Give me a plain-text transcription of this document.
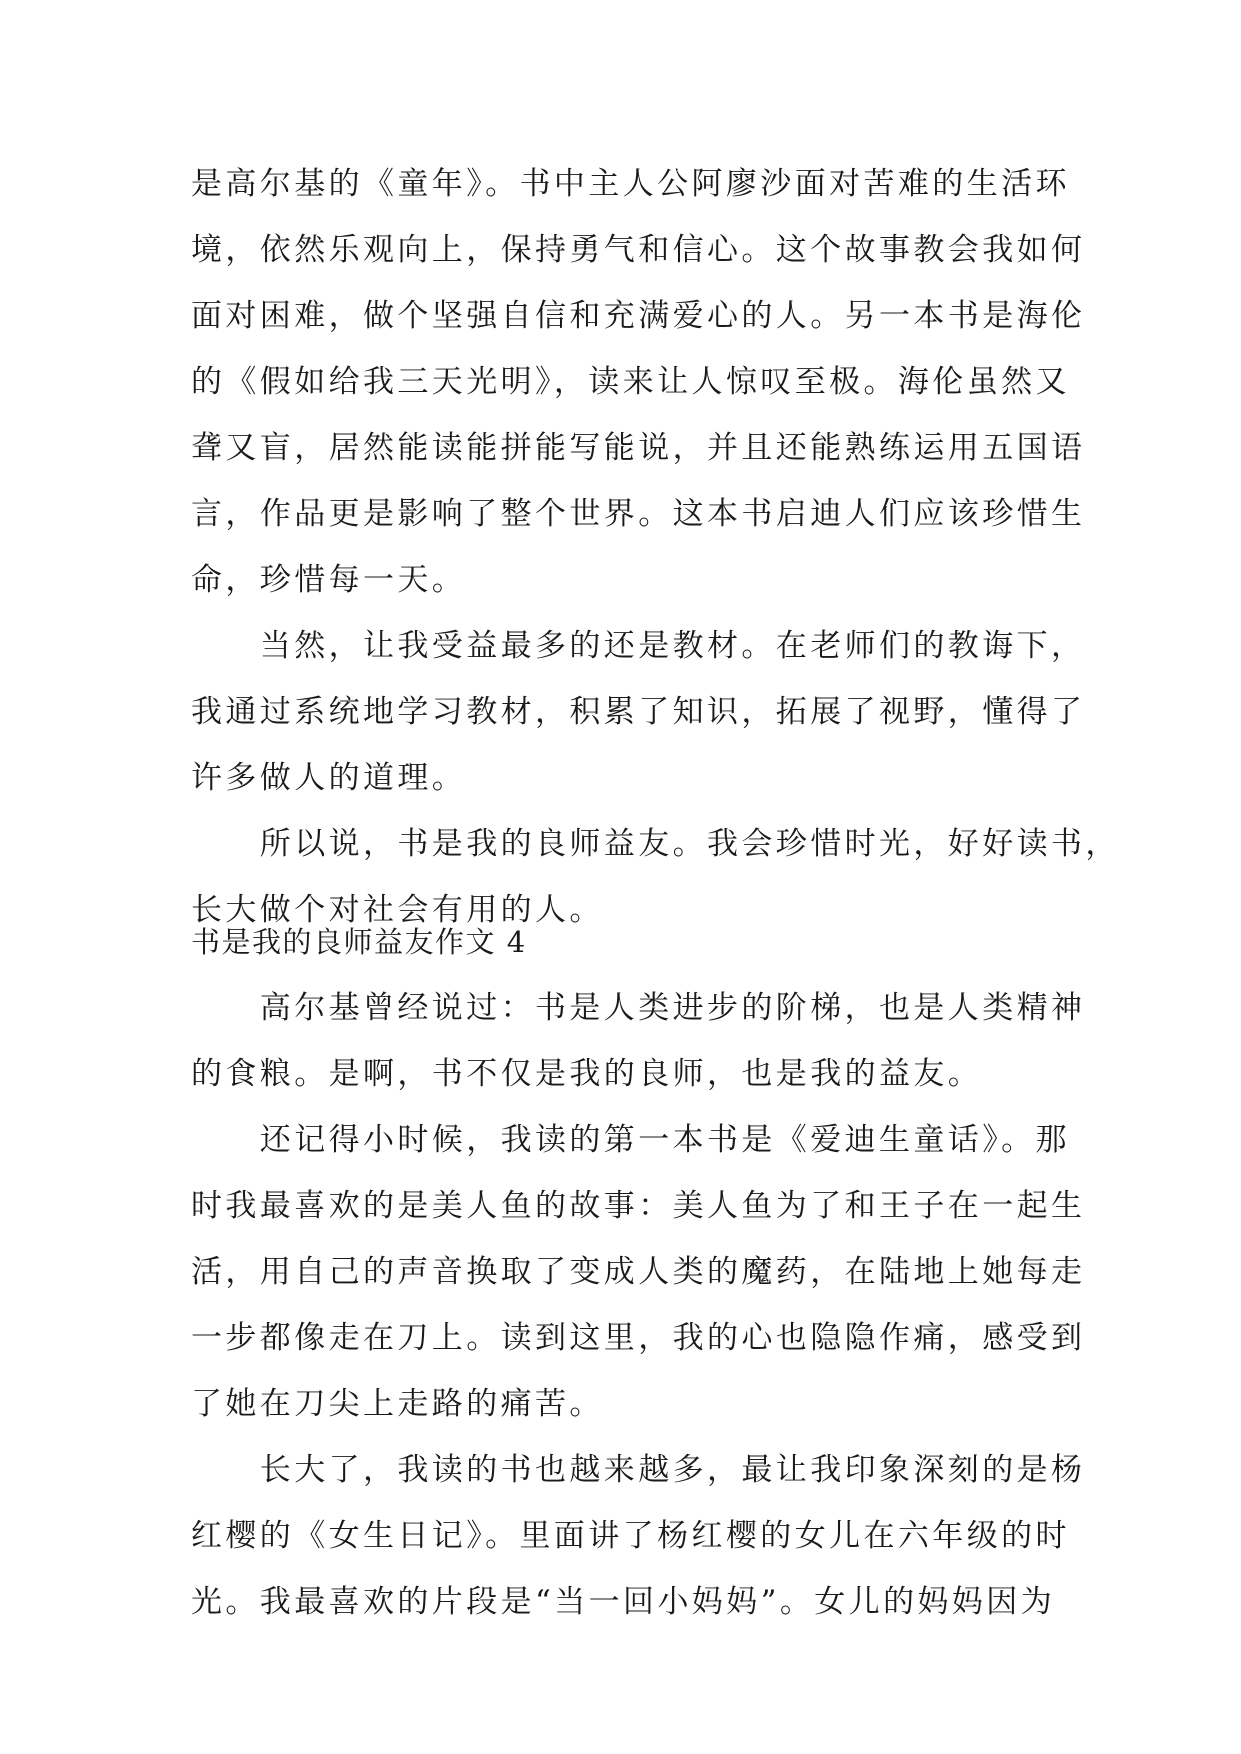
是高尔基的《童年》。书中主人公阿廖沙面对苦难的生活环
境，依然乐观向上，保持勇气和信心。这个故事教会我如何
面对困难，做个坚强自信和充满爱心的人。另一本书是海伦
的《假如给我三天光明》，读来让人惊叹至极。海伦虽然又
聋又盲，居然能读能拼能写能说，并且还能熟练运用五国语
言，作品更是影响了整个世界。这本书启迪人们应该珍惜生
命，珍惜每一天。
　　当然，让我受益最多的还是教材。在老师们的教诲下，
我通过系统地学习教材，积累了知识，拓展了视野，懂得了
许多做人的道理。
　　所以说，书是我的良师益友。我会珍惜时光，好好读书，
长大做个对社会有用的人。
书是我的良师益友作文 4
　　高尔基曾经说过：书是人类进步的阶梯，也是人类精神
的食粮。是啊，书不仅是我的良师，也是我的益友。
　　还记得小时候，我读的第一本书是《爱迪生童话》。那
时我最喜欢的是美人鱼的故事：美人鱼为了和王子在一起生
活，用自己的声音换取了变成人类的魔药，在陆地上她每走
一步都像走在刀上。读到这里，我的心也隐隐作痛，感受到
了她在刀尖上走路的痛苦。
　　长大了，我读的书也越来越多，最让我印象深刻的是杨
红樱的《女生日记》。里面讲了杨红樱的女儿在六年级的时
光。我最喜欢的片段是“当一回小妈妈”。女儿的妈妈因为
